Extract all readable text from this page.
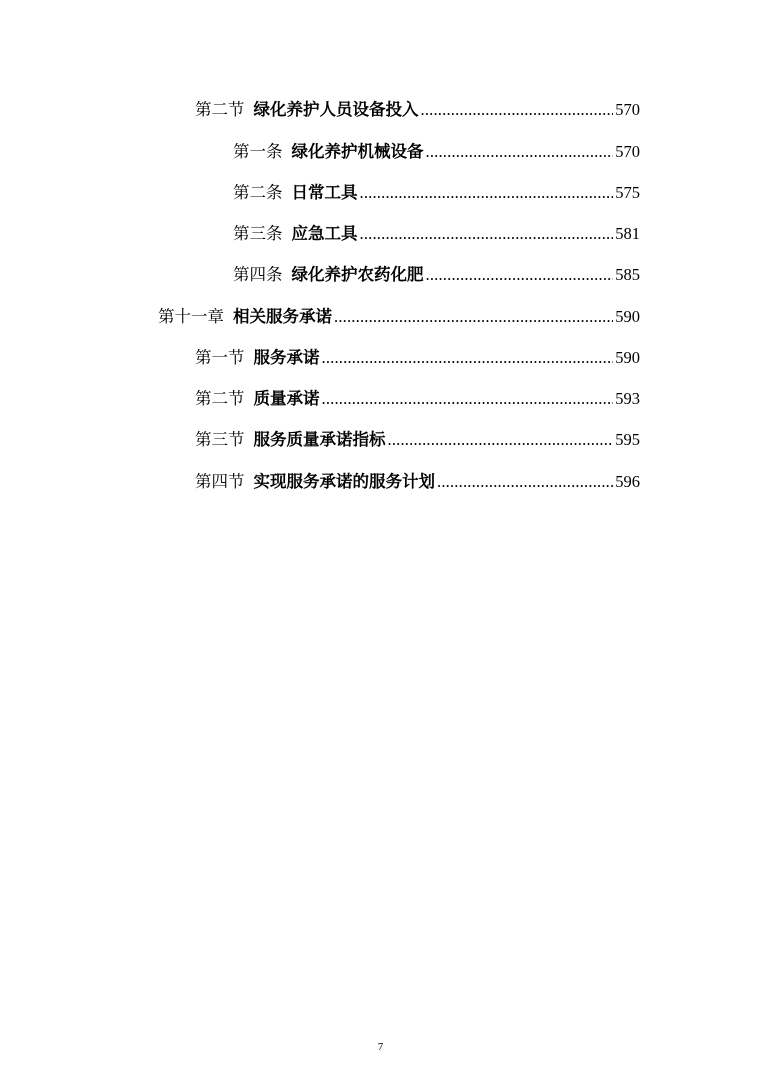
第二节 绿化养护人员设备投入 .....	570
第一条 绿化养护机械设备 .....	570
第二条 日常工具 .....	575
第三条 应急工具 .....	581
第四条 绿化养护农药化肥 .....	585
第十一章 相关服务承诺 .....	590
第一节 服务承诺 .....	590
第二节 质量承诺 .....	593
第三节 服务质量承诺指标 .....	595
第四节 实现服务承诺的服务计划 .....	596
7
